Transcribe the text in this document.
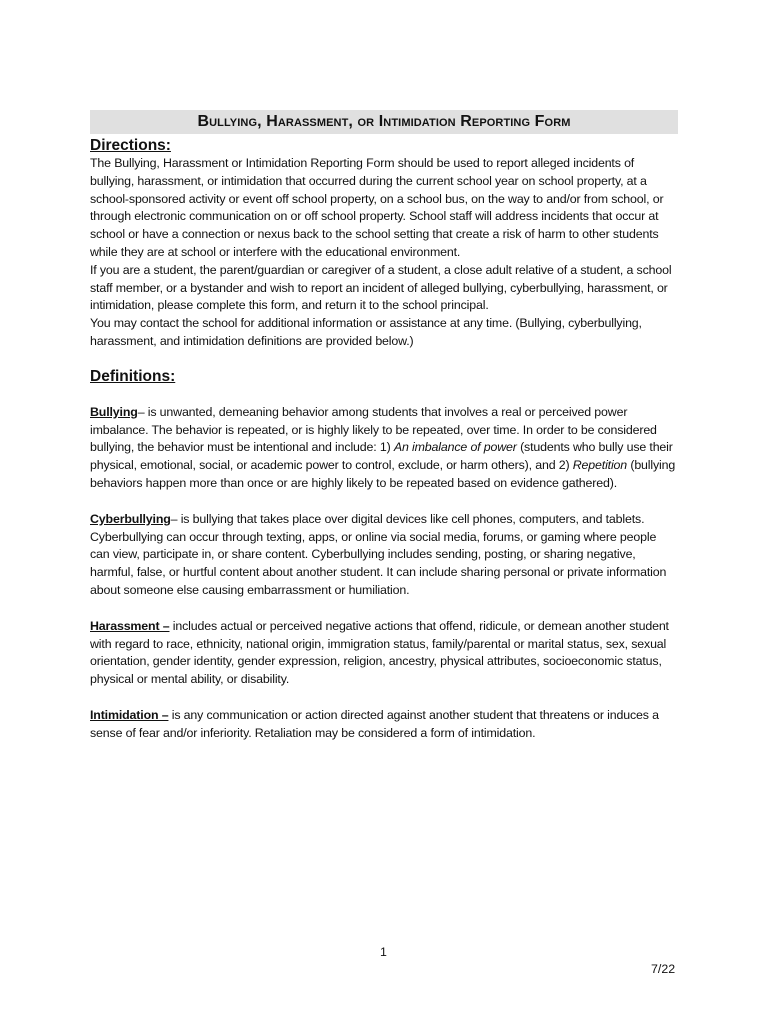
Bullying, Harassment, or Intimidation Reporting Form
Directions:

The Bullying, Harassment or Intimidation Reporting Form should be used to report alleged incidents of bullying, harassment, or intimidation that occurred during the current school year on school property, at a school-sponsored activity or event off school property, on a school bus, on the way to and/or from school, or through electronic communication on or off school property. School staff will address incidents that occur at school or have a connection or nexus back to the school setting that create a risk of harm to other students while they are at school or interfere with the educational environment.

If you are a student, the parent/guardian or caregiver of a student, a close adult relative of a student, a school staff member, or a bystander and wish to report an incident of alleged bullying, cyberbullying, harassment, or intimidation, please complete this form, and return it to the school principal.

You may contact the school for additional information or assistance at any time. (Bullying, cyberbullying, harassment, and intimidation definitions are provided below.)

Definitions:

Bullying– is unwanted, demeaning behavior among students that involves a real or perceived power imbalance. The behavior is repeated, or is highly likely to be repeated, over time. In order to be considered bullying, the behavior must be intentional and include: 1) An imbalance of power (students who bully use their physical, emotional, social, or academic power to control, exclude, or harm others), and 2) Repetition (bullying behaviors happen more than once or are highly likely to be repeated based on evidence gathered).

Cyberbullying– is bullying that takes place over digital devices like cell phones, computers, and tablets. Cyberbullying can occur through texting, apps, or online via social media, forums, or gaming where people can view, participate in, or share content. Cyberbullying includes sending, posting, or sharing negative, harmful, false, or hurtful content about another student. It can include sharing personal or private information about someone else causing embarrassment or humiliation.

Harassment – includes actual or perceived negative actions that offend, ridicule, or demean another student with regard to race, ethnicity, national origin, immigration status, family/parental or marital status, sex, sexual orientation, gender identity, gender expression, religion, ancestry, physical attributes, socioeconomic status, physical or mental ability, or disability.

Intimidation – is any communication or action directed against another student that threatens or induces a sense of fear and/or inferiority. Retaliation may be considered a form of intimidation.

1
7/22
